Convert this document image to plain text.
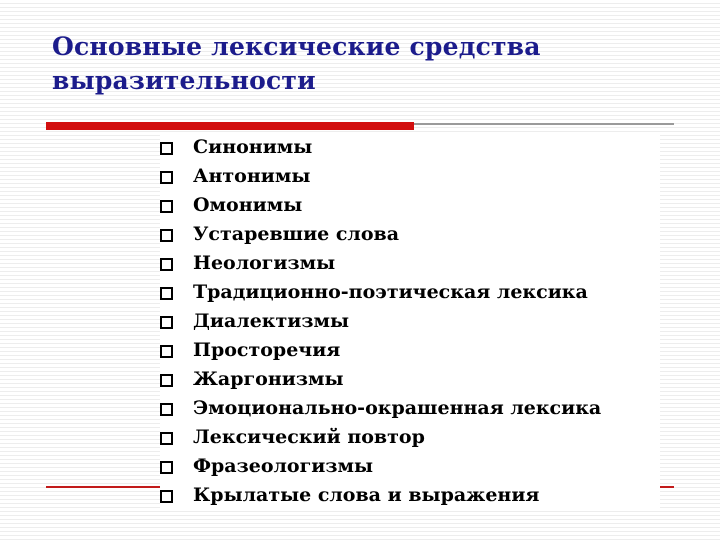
Основные лексические средства выразительности
Синонимы
Антонимы
Омонимы
Устаревшие слова
Неологизмы
Традиционно-поэтическая лексика
Диалектизмы
Просторечия
Жаргонизмы
Эмоционально-окрашенная лексика
Лексический повтор
Фразеологизмы
Крылатые слова и выражения
